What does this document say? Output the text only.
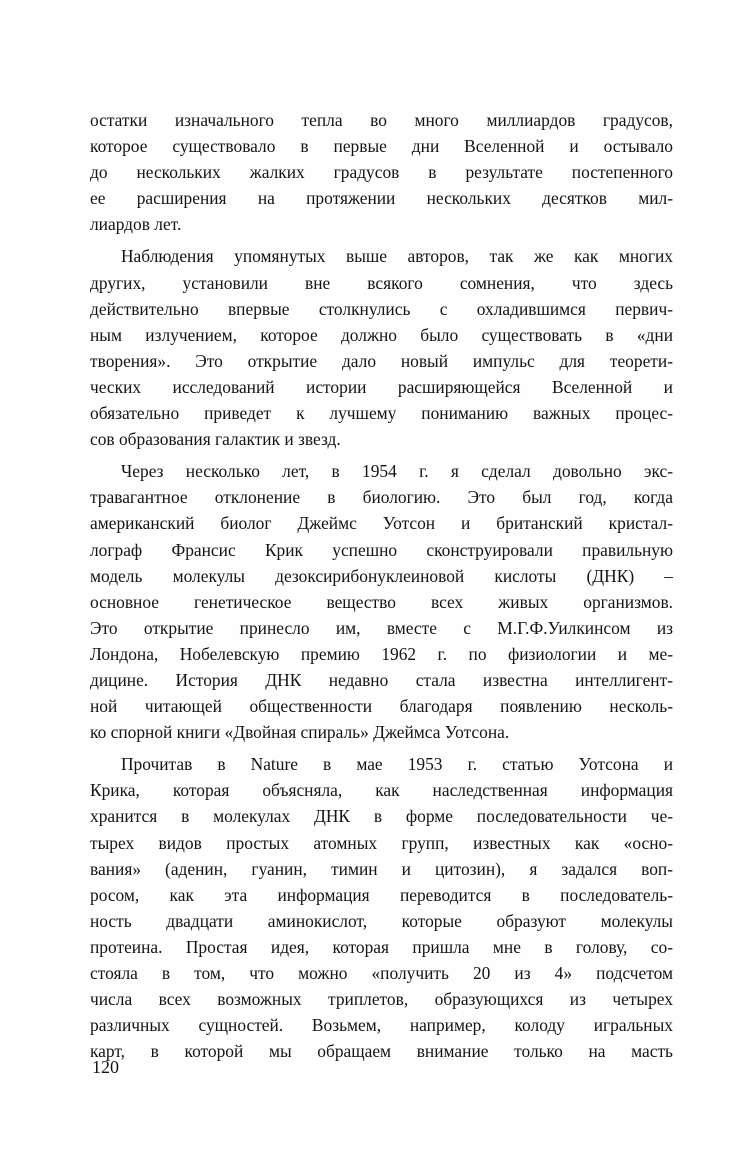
остатки изначального тепла во много миллиардов градусов,
которое существовало в первые дни Вселенной и остывало
до нескольких жалких градусов в результате постепенного
ее расширения на протяжении нескольких десятков мил-
лиардов лет.
Наблюдения упомянутых выше авторов, так же как многих
других, установили вне всякого сомнения, что здесь
действительно впервые столкнулись с охладившимся первич-
ным излучением, которое должно было существовать в «дни
творения». Это открытие дало новый импульс для теорети-
ческих исследований истории расширяющейся Вселенной и
обязательно приведет к лучшему пониманию важных процес-
сов образования галактик и звезд.
Через несколько лет, в 1954 г. я сделал довольно экс-
травагантное отклонение в биологию. Это был год, когда
американский биолог Джеймс Уотсон и британский кристал-
лограф Франсис Крик успешно сконструировали правильную
модель молекулы дезоксирибонуклеиновой кислоты (ДНК) –
основное генетическое вещество всех живых организмов.
Это открытие принесло им, вместе с М.Г.Ф.Уилкинсом из
Лондона, Нобелевскую премию 1962 г. по физиологии и ме-
дицине. История ДНК недавно стала известна интеллигент-
ной читающей общественности благодаря появлению несколь-
ко спорной книги «Двойная спираль» Джеймса Уотсона.
Прочитав в Nature в мае 1953 г. статью Уотсона и
Крика, которая объясняла, как наследственная информация
хранится в молекулах ДНК в форме последовательности че-
тырех видов простых атомных групп, известных как «осно-
вания» (аденин, гуанин, тимин и цитозин), я задался воп-
росом, как эта информация переводится в последователь-
ность двадцати аминокислот, которые образуют молекулы
протеина. Простая идея, которая пришла мне в голову, со-
стояла в том, что можно «получить 20 из 4» подсчетом
числа всех возможных триплетов, образующихся из четырех
различных сущностей. Возьмем, например, колоду игральных
карт, в которой мы обращаем внимание только на масть
120
